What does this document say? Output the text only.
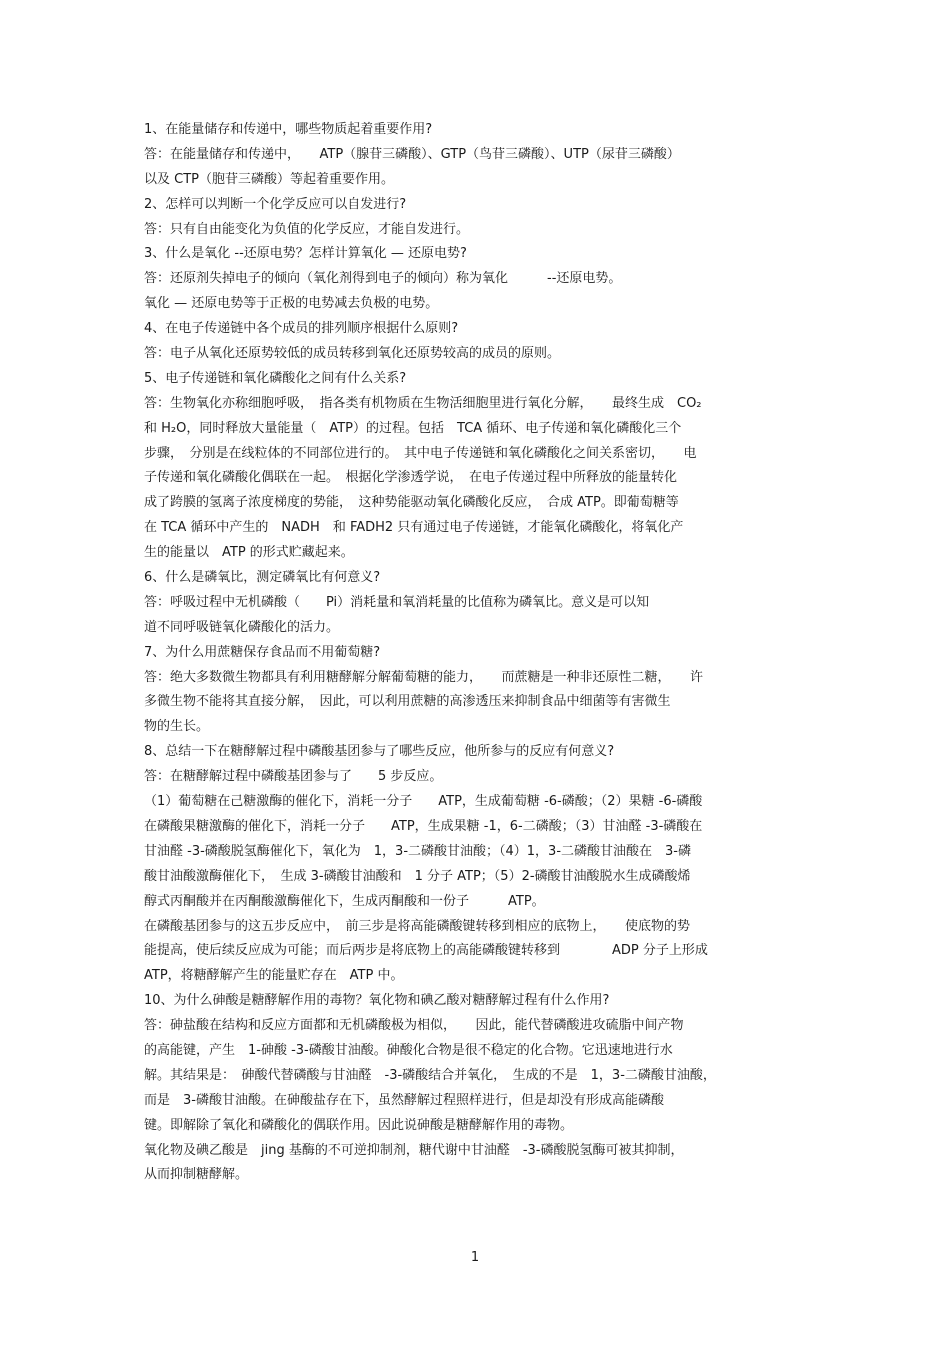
1、在能量储存和传递中，哪些物质起着重要作用?
答：在能量储存和传递中，　　ATP（腺苷三磷酸）、GTP（鸟苷三磷酸）、UTP（尿苷三磷酸）
以及 CTP（胞苷三磷酸）等起着重要作用。
2、怎样可以判断一个化学反应可以自发进行?
答：只有自由能变化为负值的化学反应，才能自发进行。
3、什么是氧化 --还原电势？怎样计算氧化 — 还原电势?
答：还原剂失掉电子的倾向（氧化剂得到电子的倾向）称为氧化　　　--还原电势。
氧化 — 还原电势等于正极的电势减去负极的电势。
4、在电子传递链中各个成员的排列顺序根据什么原则?
答：电子从氧化还原势较低的成员转移到氧化还原势较高的成员的原则。
5、电子传递链和氧化磷酸化之间有什么关系?
答：生物氧化亦称细胞呼吸，　指各类有机物质在生物活细胞里进行氧化分解，　　最终生成　CO₂
和 H₂O，同时释放大量能量（　ATP）的过程。包括　TCA 循环、电子传递和氧化磷酸化三个
步骤，　分别是在线粒体的不同部位进行的。　其中电子传递链和氧化磷酸化之间关系密切，　　电
子传递和氧化磷酸化偶联在一起。　根据化学渗透学说，　在电子传递过程中所释放的能量转化
成了跨膜的氢离子浓度梯度的势能，　这种势能驱动氧化磷酸化反应，　合成 ATP。即葡萄糖等
在 TCA 循环中产生的　NADH　和 FADH2 只有通过电子传递链，才能氧化磷酸化，将氧化产
生的能量以　ATP 的形式贮藏起来。
6、什么是磷氧比，测定磷氧比有何意义?
答：呼吸过程中无机磷酸（　　Pi）消耗量和氧消耗量的比值称为磷氧比。意义是可以知
道不同呼吸链氧化磷酸化的活力。
7、为什么用蔗糖保存食品而不用葡萄糖?
答：绝大多数微生物都具有利用糖酵解分解葡萄糖的能力，　　而蔗糖是一种非还原性二糖，　　许
多微生物不能将其直接分解，　因此，可以利用蔗糖的高渗透压来抑制食品中细菌等有害微生
物的生长。
8、总结一下在糖酵解过程中磷酸基团参与了哪些反应，他所参与的反应有何意义?
答：在糖酵解过程中磷酸基团参与了　　5 步反应。
（1）葡萄糖在己糖激酶的催化下，消耗一分子　　ATP，生成葡萄糖 -6-磷酸；（2）果糖 -6-磷酸
在磷酸果糖激酶的催化下，消耗一分子　　ATP，生成果糖 -1，6-二磷酸；（3）甘油醛 -3-磷酸在
甘油醛 -3-磷酸脱氢酶催化下，氧化为　1，3-二磷酸甘油酸；（4）1，3-二磷酸甘油酸在　3-磷
酸甘油酸激酶催化下，　生成 3-磷酸甘油酸和　1 分子 ATP；（5）2-磷酸甘油酸脱水生成磷酸烯
醇式丙酮酸并在丙酮酸激酶催化下，生成丙酮酸和一份子　　　ATP。
在磷酸基团参与的这五步反应中，　前三步是将高能磷酸键转移到相应的底物上，　　使底物的势
能提高，使后续反应成为可能；而后两步是将底物上的高能磷酸键转移到　　　　ADP 分子上形成
ATP，将糖酵解产生的能量贮存在　ATP 中。
10、为什么砷酸是糖酵解作用的毒物？氧化物和碘乙酸对糖酵解过程有什么作用?
答：砷盐酸在结构和反应方面都和无机磷酸极为相似，　　因此，能代替磷酸进攻硫脂中间产物
的高能键，产生　1-砷酸 -3-磷酸甘油酸。砷酸化合物是很不稳定的化合物。它迅速地进行水
解。其结果是：　砷酸代替磷酸与甘油醛　-3-磷酸结合并氧化，　生成的不是　1，3-二磷酸甘油酸，
而是　3-磷酸甘油酸。在砷酸盐存在下，虽然酵解过程照样进行，但是却没有形成高能磷酸
键。即解除了氧化和磷酸化的偶联作用。因此说砷酸是糖酵解作用的毒物。
氧化物及碘乙酸是　jing 基酶的不可逆抑制剂，糖代谢中甘油醛　-3-磷酸脱氢酶可被其抑制，
从而抑制糖酵解。
1
